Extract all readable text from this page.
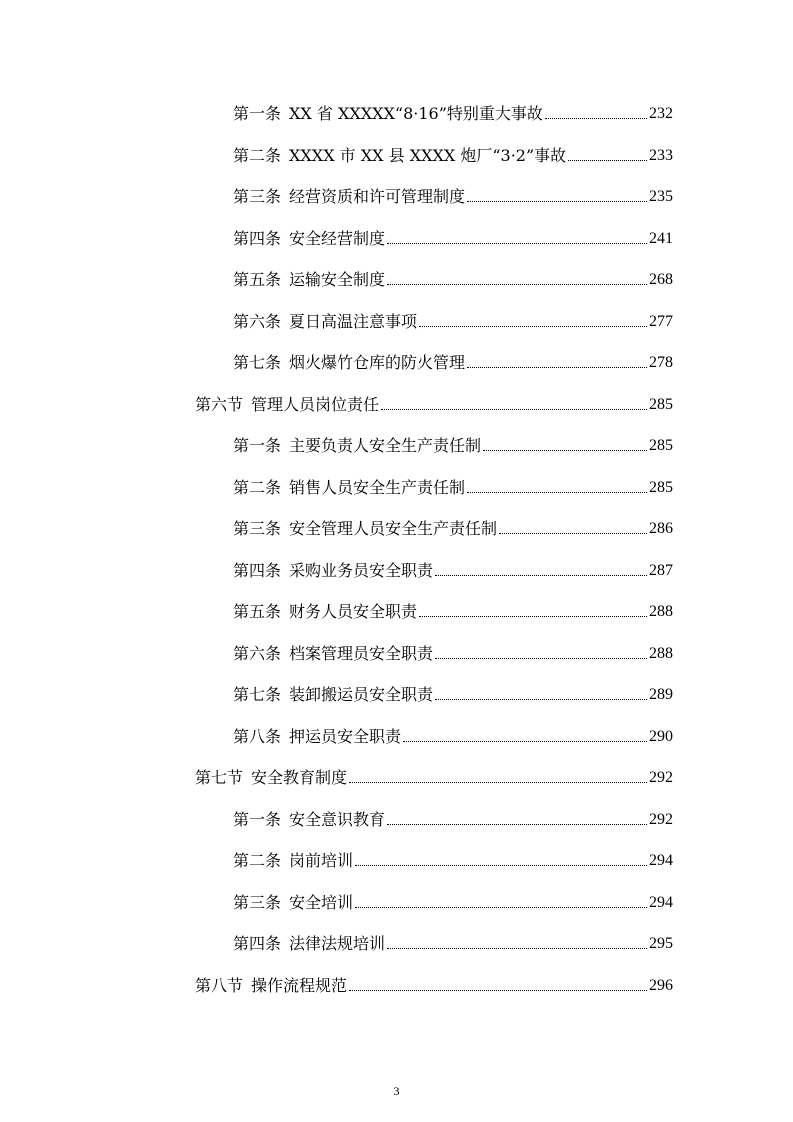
第一条 XX 省 XXXXX“8·16”特别重大事故	232
第二条 XXXX 市 XX 县 XXXX 炮厂“3·2”事故	233
第三条 经营资质和许可管理制度	235
第四条 安全经营制度	241
第五条 运输安全制度	268
第六条 夏日高温注意事项	277
第七条 烟火爆竹仓库的防火管理	278
第六节 管理人员岗位责任	285
第一条 主要负责人安全生产责任制	285
第二条 销售人员安全生产责任制	285
第三条 安全管理人员安全生产责任制	286
第四条 采购业务员安全职责	287
第五条 财务人员安全职责	288
第六条 档案管理员安全职责	288
第七条 装卸搬运员安全职责	289
第八条 押运员安全职责	290
第七节 安全教育制度	292
第一条 安全意识教育	292
第二条 岗前培训	294
第三条 安全培训	294
第四条 法律法规培训	295
第八节 操作流程规范	296
3
